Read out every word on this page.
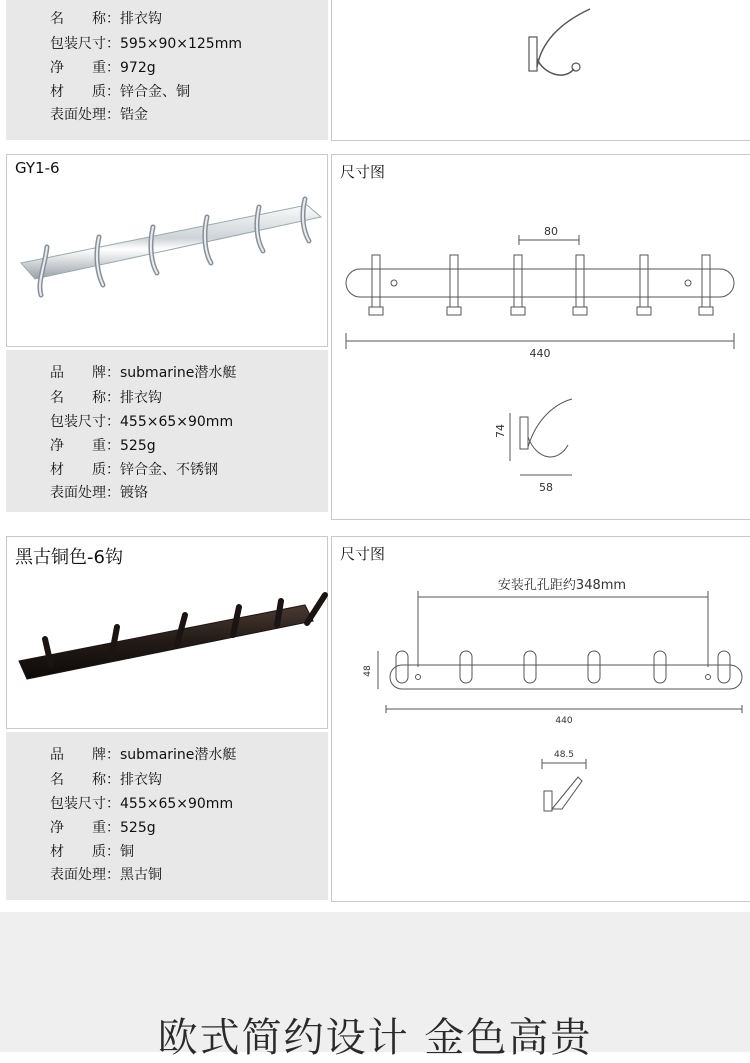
名　　称：排衣钩
包装尺寸：595×90×125mm
净　　重：972g
材　　质：锌合金、铜
表面处理：锆金
GY1-6
品　　牌：submarine潜水艇
名　　称：排衣钩
包装尺寸：455×65×90mm
净　　重：525g
材　　质：锌合金、不锈钢
表面处理：镀铬
尺寸图
80
440
74
58
黑古铜色-6钩
品　　牌：submarine潜水艇
名　　称：排衣钩
包装尺寸：455×65×90mm
净　　重：525g
材　　质：铜
表面处理：黑古铜
尺寸图
安装孔孔距约348mm
48
440
48.5
欧式简约设计 金色高贵
